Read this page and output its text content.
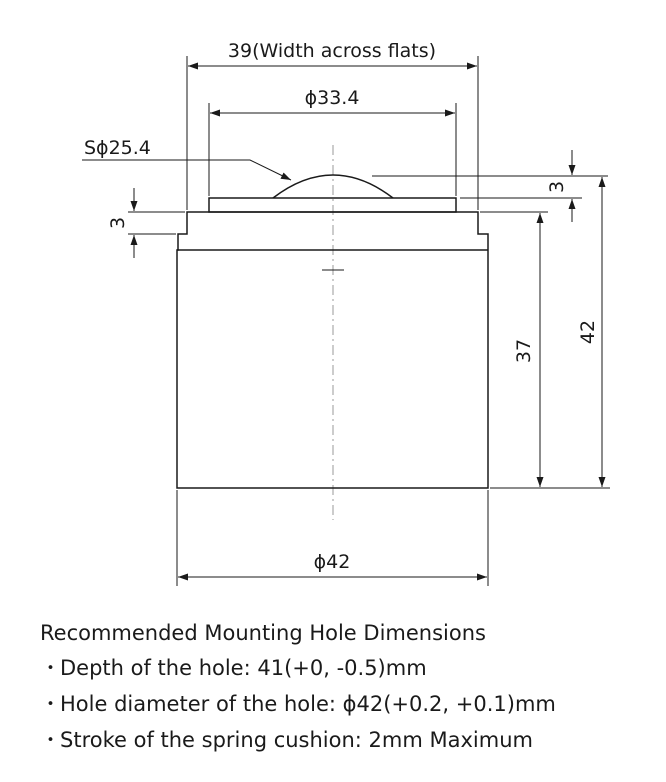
39(Width across flats)
ϕ33.4
Sϕ25.4
3
42
37
3
ϕ42

Recommended Mounting Hole Dimensions

・Depth of the hole: 41(+0, -0.5)mm
・Hole diameter of the hole: ϕ42(+0.2, +0.1)mm
・Stroke of the spring cushion: 2mm Maximum
